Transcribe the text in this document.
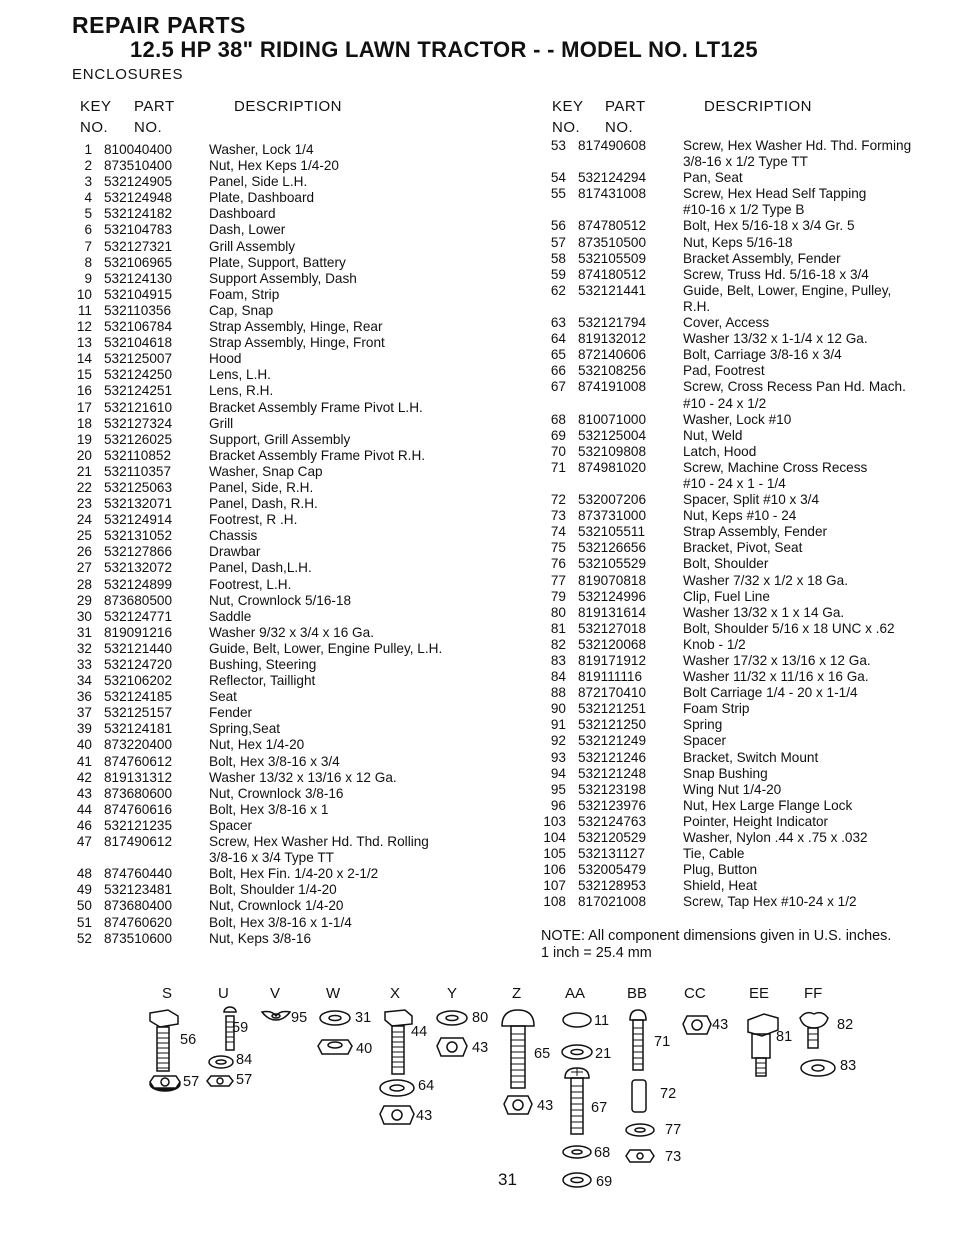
REPAIR PARTS
12.5 HP 38" RIDING LAWN TRACTOR - - MODEL NO. LT125
ENCLOSURES
KEY
NO.
PART
NO.
DESCRIPTION	KEY
NO.
PART
NO.
DESCRIPTION
1 810040400	Washer, Lock 1/4
2 873510400	Nut, Hex Keps 1/4-20
3 532124905	Panel, Side L.H.
4 532124948	Plate, Dashboard
5 532124182	Dashboard
6 532104783	Dash, Lower
7 532127321	Grill Assembly
8 532106965	Plate, Support, Battery
9 532124130	Support Assembly, Dash
10 532104915	Foam, Strip
11 532110356	Cap, Snap
12 532106784	Strap Assembly, Hinge, Rear
13 532104618	Strap Assembly, Hinge, Front
14 532125007	Hood
15 532124250	Lens, L.H.
16 532124251	Lens, R.H.
17 532121610	Bracket Assembly Frame Pivot L.H.
18 532127324	Grill
19 532126025	Support, Grill Assembly
20 532110852	Bracket Assembly Frame Pivot R.H.
21 532110357	Washer, Snap Cap
22 532125063	Panel, Side, R.H.
23 532132071	Panel, Dash, R.H.
24 532124914	Footrest, R .H.
25 532131052	Chassis
26 532127866	Drawbar
27 532132072	Panel, Dash,L.H.
28 532124899	Footrest, L.H.
29 873680500	Nut, Crownlock 5/16-18
30 532124771	Saddle
31 819091216	Washer 9/32 x 3/4 x 16 Ga.
32 532121440	Guide, Belt, Lower, Engine Pulley, L.H.
33 532124720	Bushing, Steering
34 532106202	Reflector, Taillight
36 532124185	Seat
37 532125157	Fender
39 532124181	Spring,Seat
40 873220400	Nut, Hex 1/4-20
41 874760612	Bolt, Hex 3/8-16 x 3/4
42 819131312	Washer 13/32 x 13/16 x 12 Ga.
43 873680600	Nut, Crownlock 3/8-16
44 874760616	Bolt, Hex 3/8-16 x 1
46 532121235	Spacer
47 817490612	Screw, Hex Washer Hd. Thd. Rolling
3/8-16 x 3/4 Type TT
48 874760440	Bolt, Hex Fin. 1/4-20 x 2-1/2
49 532123481	Bolt, Shoulder 1/4-20
50 873680400	Nut, Crownlock 1/4-20
51 874760620	Bolt, Hex 3/8-16 x 1-1/4
52 873510600	Nut, Keps 3/8-16
53 817490608	Screw, Hex Washer Hd. Thd. Forming
3/8-16 x 1/2 Type TT
54 532124294	Pan, Seat
55 817431008	Screw, Hex Head Self Tapping
#10-16 x 1/2 Type B
56 874780512	Bolt, Hex 5/16-18 x 3/4 Gr. 5
57 873510500	Nut, Keps 5/16-18
58 532105509	Bracket Assembly, Fender
59 874180512	Screw, Truss Hd. 5/16-18 x 3/4
62 532121441	Guide, Belt, Lower, Engine, Pulley,
R.H.
63 532121794	Cover, Access
64 819132012	Washer 13/32 x 1-1/4 x 12 Ga.
65 872140606	Bolt, Carriage 3/8-16 x 3/4
66 532108256	Pad, Footrest
67 874191008	Screw, Cross Recess Pan Hd. Mach.
#10 - 24 x 1/2
68 810071000	Washer, Lock #10
69 532125004	Nut, Weld
70 532109808	Latch, Hood
71 874981020	Screw, Machine Cross Recess
#10 - 24 x 1 - 1/4
72 532007206	Spacer, Split #10 x 3/4
73 873731000	Nut, Keps #10 - 24
74 532105511	Strap Assembly, Fender
75 532126656	Bracket, Pivot, Seat
76 532105529	Bolt, Shoulder
77 819070818	Washer 7/32 x 1/2 x 18 Ga.
79 532124996	Clip, Fuel Line
80 819131614	Washer 13/32 x 1 x 14 Ga.
81 532127018	Bolt, Shoulder 5/16 x 18 UNC x .62
82 532120068	Knob - 1/2
83 819171912	Washer 17/32 x 13/16 x 12 Ga.
84 819111116	Washer 11/32 x 11/16 x 16 Ga.
88 872170410	Bolt Carriage 1/4 - 20 x 1-1/4
90 532121251	Foam Strip
91 532121250	Spring
92 532121249	Spacer
93 532121246	Bracket, Switch Mount
94 532121248	Snap Bushing
95 532123198	Wing Nut 1/4-20
96 532123976	Nut, Hex Large Flange Lock
103 532124763	Pointer, Height Indicator
104 532120529	Washer, Nylon .44 x .75 x .032
105 532131127	Tie, Cable
106 532005479	Plug, Button
107 532128953	Shield, Heat
108 817021008	Screw, Tap Hex #10-24 x 1/2
NOTE: All component dimensions given in U.S. inches.
1 inch = 25.4 mm
S	U	V	W	X	Y	Z	AA	BB CC	EE FF
56
57
59
84
57
95	31
40
44
64
43
80
43	65	21
11
43	67
68
69
71
72
77
73
43
81
82
83
31
